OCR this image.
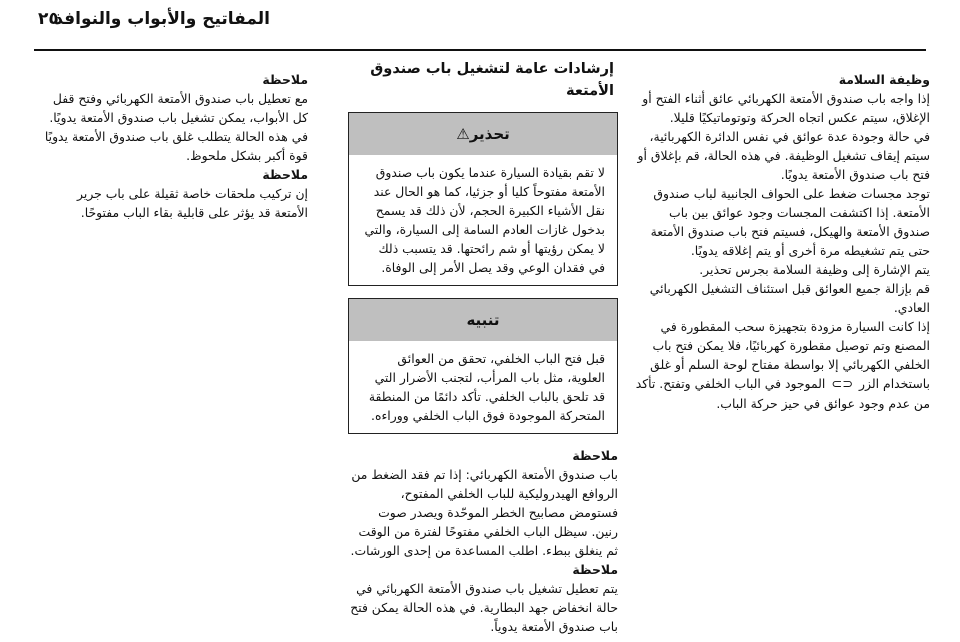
المفاتيح والأبواب والنوافذ
٢٥

وظيفة السلامة

إذا واجه باب صندوق الأمتعة الكهربائي عائق أثناء الفتح أو الإغلاق، سيتم عكس اتجاه الحركة وتوتوماتيكيًا قليلا.

في حالة وجودة عدة عوائق في نفس الدائرة الكهربائية، سيتم إيقاف تشغيل الوظيفة. في هذه الحالة، قم بإغلاق أو فتح باب صندوق الأمتعة يدويًا.

توجد مجسات ضغط على الحواف الجانبية لباب صندوق الأمتعة. إذا اكتشفت المجسات وجود عوائق بين باب صندوق الأمتعة والهيكل، فسيتم فتح باب صندوق الأمتعة حتى يتم تشغيطه مرة أخرى أو يتم إغلاقه يدويًا.

يتم الإشارة إلى وظيفة السلامة بجرس تحذير.

قم بإزالة جميع العوائق قبل استئناف التشغيل الكهربائي العادي.

إذا كانت السيارة مزودة بتجهيزة سحب المقطورة في المصنع وتم توصيل مقطورة كهربائيًا، فلا يمكن فتح باب الخلفي الكهربائي إلا بواسطة مفتاح لوحة السلم أو غلق باستخدام الزر ⊂⊃ الموجود في الباب الخلفي وتفتح. تأكد من عدم وجود عوائق في حيز حركة الباب.

إرشادات عامة لتشغيل باب صندوق الأمتعة
تحذير⚠
لا تقم بقيادة السيارة عندما يكون باب صندوق الأمتعة مفتوحاً كليا أو جزئيا، كما هو الحال عند نقل الأشياء الكبيرة الحجم، لأن ذلك قد يسمح بدخول غازات العادم السامة إلى السيارة، والتي لا يمكن رؤيتها أو شم رائحتها. قد يتسبب ذلك في فقدان الوعي وقد يصل الأمر إلى الوفاة.
تنبيه
قبل فتح الباب الخلفي، تحقق من العوائق العلوية، مثل باب المرأب، لتجنب الأضرار التي قد تلحق بالباب الخلفي. تأكد دائمًا من المنطقة المتحركة الموجودة فوق الباب الخلفي ووراءه.

ملاحظة

باب صندوق الأمتعة الكهربائي: إذا تم فقد الضغط من الروافع الهيدروليكية للباب الخلفي المفتوح، فستومض مصابيح الخطر الموحّدة ويصدر صوت رنين. سيظل الباب الخلفي مفتوحًا لفترة من الوقت ثم ينغلق ببطء. اطلب المساعدة من إحدى الورشات.

ملاحظة

يتم تعطيل تشغيل باب صندوق الأمتعة الكهربائي في حالة انخفاض جهد البطارية. في هذه الحالة يمكن فتح باب صندوق الأمتعة يدوياً.

ملاحظة

مع تعطيل باب صندوق الأمتعة الكهربائي وفتح قفل كل الأبواب، يمكن تشغيل باب صندوق الأمتعة يدويًا. في هذه الحالة يتطلب غلق باب صندوق الأمتعة يدويًا قوة أكبر بشكل ملحوظ.

ملاحظة

إن تركيب ملحقات خاصة ثقيلة على باب جرير الأمتعة قد يؤثر على قابلية بقاء الباب مفتوحًا.
